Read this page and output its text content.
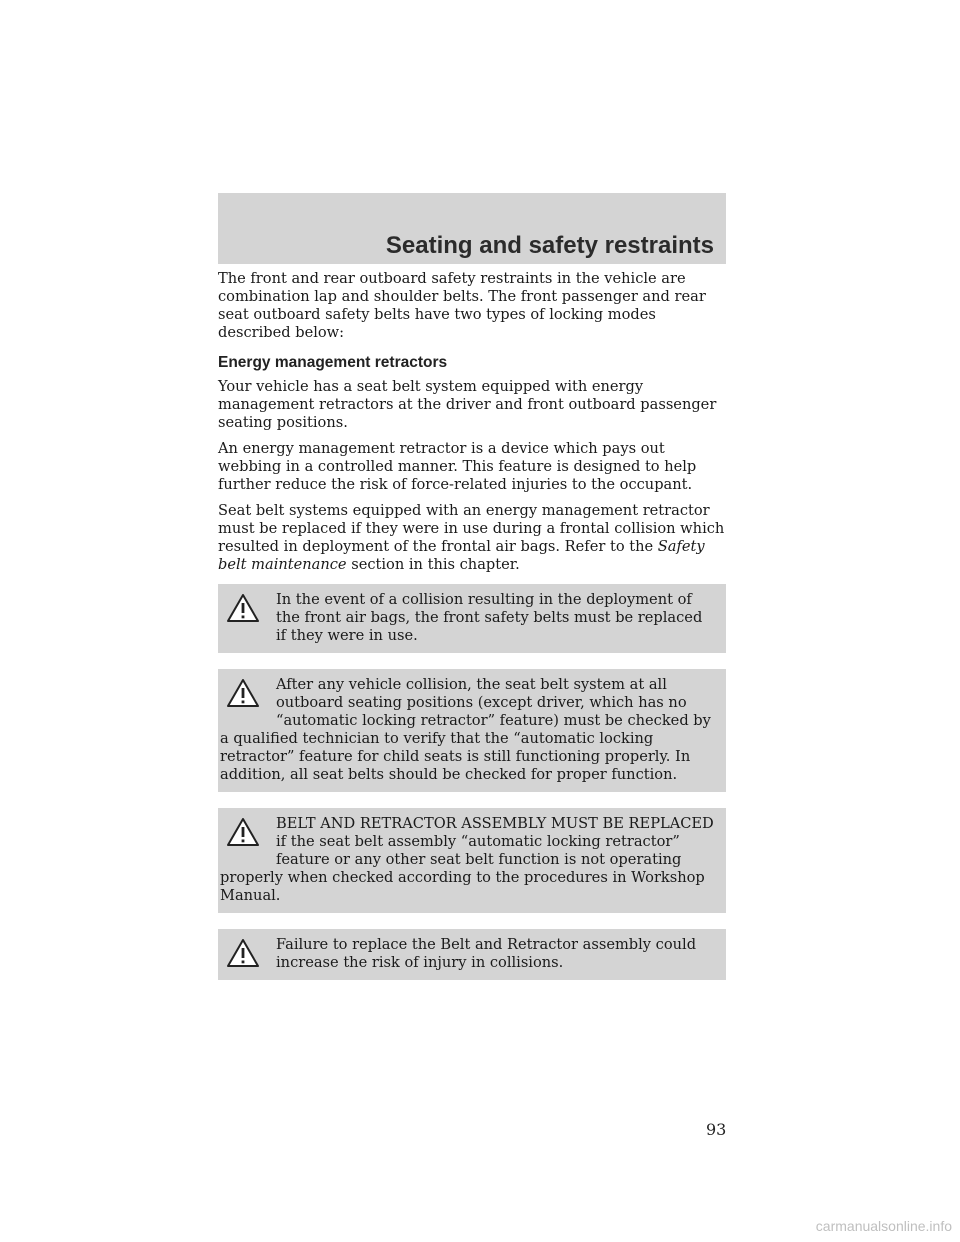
Seating and safety restraints

The front and rear outboard safety restraints in the vehicle are combination lap and shoulder belts. The front passenger and rear seat outboard safety belts have two types of locking modes described below:

Energy management retractors

Your vehicle has a seat belt system equipped with energy management retractors at the driver and front outboard passenger seating positions.

An energy management retractor is a device which pays out webbing in a controlled manner. This feature is designed to help further reduce the risk of force-related injuries to the occupant.

Seat belt systems equipped with an energy management retractor must be replaced if they were in use during a frontal collision which resulted in deployment of the frontal air bags. Refer to the Safety belt maintenance section in this chapter.

In the event of a collision resulting in the deployment of the front air bags, the front safety belts must be replaced if they were in use.
After any vehicle collision, the seat belt system at all outboard seating positions (except driver, which has no “automatic locking retractor” feature) must be checked by a qualified technician to verify that the “automatic locking retractor” feature for child seats is still functioning properly. In addition, all seat belts should be checked for proper function.
BELT AND RETRACTOR ASSEMBLY MUST BE REPLACED if the seat belt assembly “automatic locking retractor” feature or any other seat belt function is not operating properly when checked according to the procedures in Workshop Manual.
Failure to replace the Belt and Retractor assembly could increase the risk of injury in collisions.
93
carmanualsonline.info
